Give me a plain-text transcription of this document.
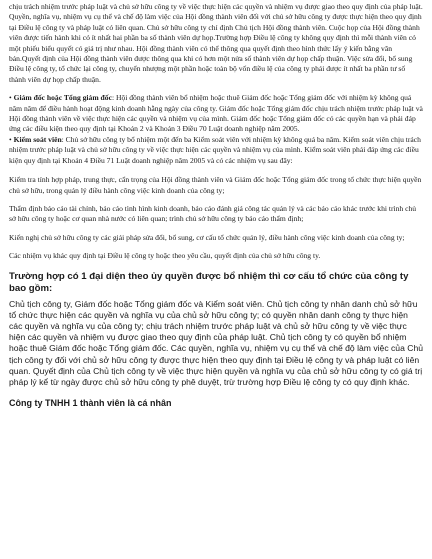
chịu trách nhiệm trước pháp luật và chủ sở hữu công ty về việc thực hiện các quyền và nhiệm vụ được giao theo quy định của pháp luật. Quyền, nghĩa vụ, nhiệm vụ cụ thể và chế độ làm việc của Hội đồng thành viên đối với chủ sở hữu công ty được thực hiện theo quy định tại Điều lệ công ty và pháp luật có liên quan. Chủ sở hữu công ty chỉ định Chủ tịch Hội đồng thành viên. Cuộc họp của Hội đồng thành viên được tiến hành khi có ít nhất hai phần ba số thành viên dự họp.Trường hợp Điều lệ công ty không quy định thì mỗi thành viên có một phiếu biểu quyết có giá trị như nhau. Hội đồng thành viên có thể thông qua quyết định theo hình thức lấy ý kiến bằng văn bản.Quyết định của Hội đồng thành viên được thông qua khi có hơn một nửa số thành viên dự họp chấp thuận. Việc sửa đổi, bổ sung Điều lệ công ty, tổ chức lại công ty, chuyển nhượng một phần hoặc toàn bộ vốn điều lệ của công ty phải được ít nhất ba phần tư số thành viên dự họp chấp thuận.

• Giám đốc hoặc Tổng giám đốc: Hội đồng thành viên bổ nhiệm hoặc thuê Giám đốc hoặc Tổng giám đốc với nhiệm kỳ không quá năm năm để điều hành hoạt động kinh doanh hằng ngày của công ty. Giám đốc hoặc Tổng giám đốc chịu trách nhiệm trước pháp luật và Hội đồng thành viên về việc thực hiện các quyền và nhiệm vụ của mình. Giám đốc hoặc Tổng giám đốc có các quyền hạn và phải đáp ứng các điều kiện theo quy định tại Khoản 2 và Khoản 3 Điều 70 Luật doanh nghiệp năm 2005.

• Kiểm soát viên: Chủ sở hữu công ty bổ nhiệm một đến ba Kiểm soát viên với nhiệm kỳ không quá ba năm. Kiểm soát viên chịu trách nhiệm trước pháp luật và chủ sở hữu công ty về việc thực hiện các quyền và nhiệm vụ của mình. Kiểm soát viên phải đáp ứng các điều kiện quy định tại Khoản 4 Điều 71 Luật doanh nghiệp năm 2005 và có các nhiệm vụ sau đây:

Kiểm tra tính hợp pháp, trung thực, cẩn trọng của Hội đồng thành viên và Giám đốc hoặc Tổng giám đốc trong tổ chức thực hiện quyền chủ sở hữu, trong quản lý điều hành công việc kinh doanh của công ty;

Thẩm định báo cáo tài chính, báo cáo tình hình kinh doanh, báo cáo đánh giá công tác quản lý và các báo cáo khác trước khi trình chủ sở hữu công ty hoặc cơ quan nhà nước có liên quan; trình chủ sở hữu công ty báo cáo thẩm định;

Kiến nghị chủ sở hữu công ty các giải pháp sửa đổi, bổ sung, cơ cấu tổ chức quản lý, điều hành công việc kinh doanh của công ty;

Các nhiệm vụ khác quy định tại Điều lệ công ty hoặc theo yêu cầu, quyết định của chủ sở hữu công ty.

Trường hợp có 1 đại diện theo ủy quyền được bổ nhiệm thì cơ cấu tổ chức của công ty bao gồm:

Chủ tịch công ty, Giám đốc hoặc Tổng giám đốc và Kiểm soát viên. Chủ tịch công ty nhân danh chủ sở hữu tổ chức thực hiện các quyền và nghĩa vụ của chủ sở hữu công ty; có quyền nhân danh công ty thực hiện các quyền và nghĩa vụ của công ty; chịu trách nhiệm trước pháp luật và chủ sở hữu công ty về việc thực hiện các quyền và nhiệm vụ được giao theo quy định của pháp luật. Chủ tịch công ty có quyền bổ nhiệm hoặc thuê Giám đốc hoặc Tổng giám đốc. Các quyền, nghĩa vụ, nhiệm vụ cụ thể và chế độ làm việc của Chủ tịch công ty đối với chủ sở hữu công ty được thực hiện theo quy định tại Điều lệ công ty và pháp luật có liên quan. Quyết định của Chủ tịch công ty về việc thực hiện quyền và nghĩa vụ của chủ sở hữu công ty có giá trị pháp lý kể từ ngày được chủ sở hữu công ty phê duyệt, trừ trường hợp Điều lệ công ty có quy định khác.

Công ty TNHH 1 thành viên là cá nhân
